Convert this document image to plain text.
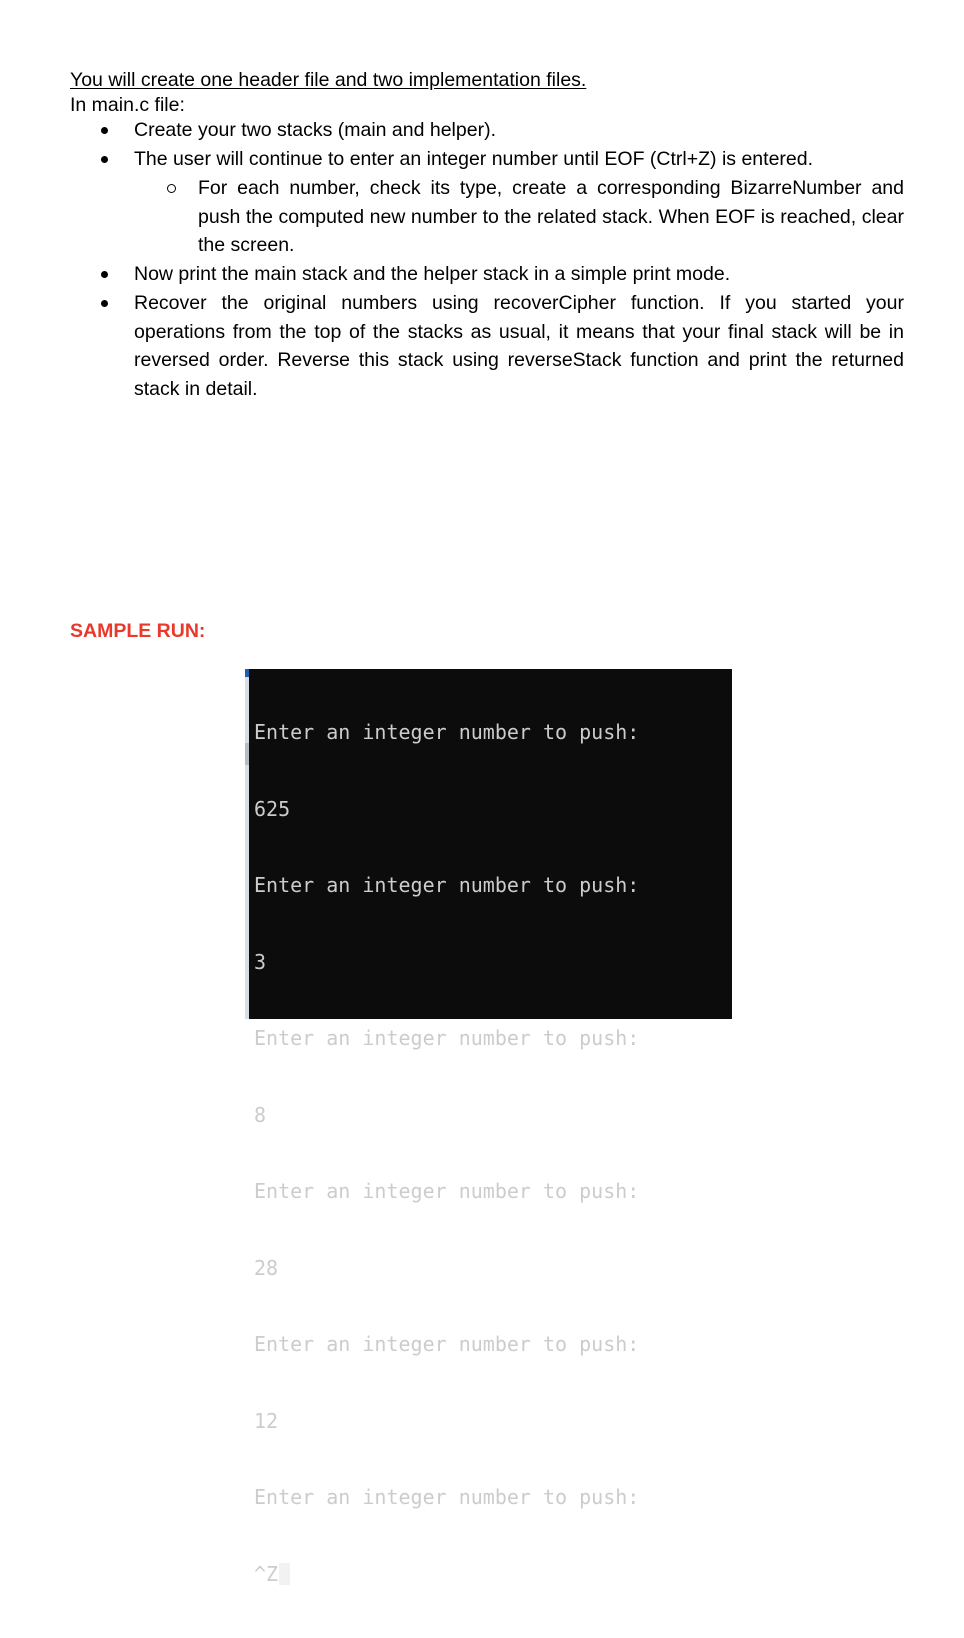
You will create one header file and two implementation files.
In main.c file:
Create your two stacks (main and helper).
The user will continue to enter an integer number until EOF (Ctrl+Z) is entered.
For each number, check its type, create a corresponding BizarreNumber and push the computed new number to the related stack. When EOF is reached, clear the screen.
Now print the main stack and the helper stack in a simple print mode.
Recover the original numbers using recoverCipher function. If you started your operations from the top of the stacks as usual, it means that your final stack will be in reversed order. Reverse this stack using reverseStack function and print the returned stack in detail.
SAMPLE RUN:

Enter an integer number to push:

625

Enter an integer number to push:

3

Enter an integer number to push:

8

Enter an integer number to push:

28

Enter an integer number to push:

12

Enter an integer number to push:

^Z
